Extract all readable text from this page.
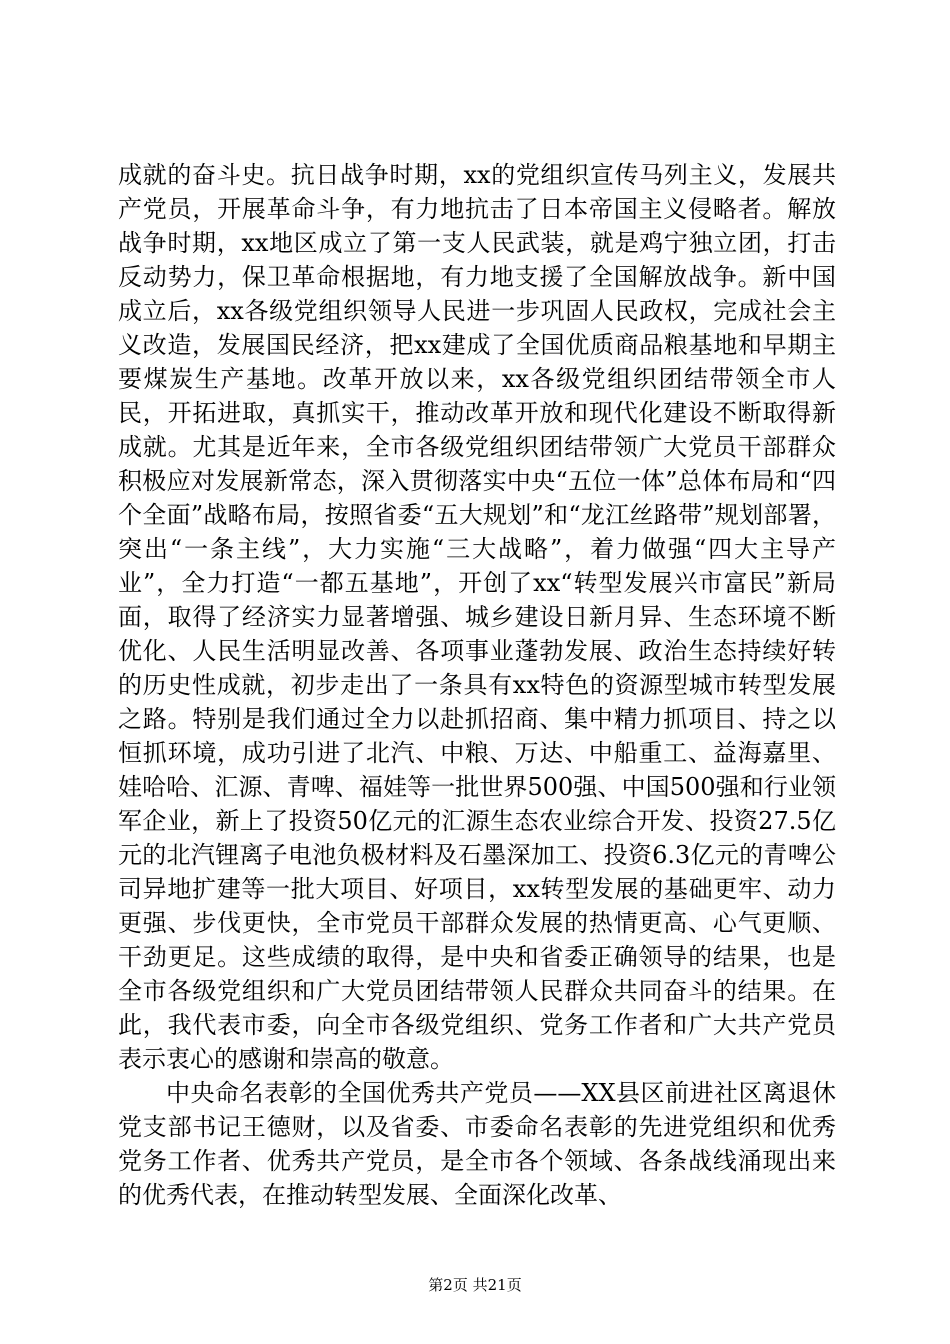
成就的奋斗史。抗日战争时期，xx的党组织宣传马列主义，发展共产党员，开展革命斗争，有力地抗击了日本帝国主义侵略者。解放战争时期，xx地区成立了第一支人民武装，就是鸡宁独立团，打击反动势力，保卫革命根据地，有力地支援了全国解放战争。新中国成立后，xx各级党组织领导人民进一步巩固人民政权，完成社会主义改造，发展国民经济，把xx建成了全国优质商品粮基地和早期主要煤炭生产基地。改革开放以来，xx各级党组织团结带领全市人民，开拓进取，真抓实干，推动改革开放和现代化建设不断取得新成就。尤其是近年来，全市各级党组织团结带领广大党员干部群众积极应对发展新常态，深入贯彻落实中央“五位一体”总体布局和“四个全面”战略布局，按照省委“五大规划”和“龙江丝路带”规划部署，突出“一条主线”，大力实施“三大战略”，着力做强“四大主导产业”，全力打造“一都五基地”，开创了xx“转型发展兴市富民”新局面，取得了经济实力显著增强、城乡建设日新月异、生态环境不断优化、人民生活明显改善、各项事业蓬勃发展、政治生态持续好转的历史性成就，初步走出了一条具有xx特色的资源型城市转型发展之路。特别是我们通过全力以赴抓招商、集中精力抓项目、持之以恒抓环境，成功引进了北汽、中粮、万达、中船重工、益海嘉里、娃哈哈、汇源、青啤、福娃等一批世界500强、中国500强和行业领军企业，新上了投资50亿元的汇源生态农业综合开发、投资27.5亿元的北汽锂离子电池负极材料及石墨深加工、投资6.3亿元的青啤公司异地扩建等一批大项目、好项目，xx转型发展的基础更牢、动力更强、步伐更快，全市党员干部群众发展的热情更高、心气更顺、干劲更足。这些成绩的取得，是中央和省委正确领导的结果，也是全市各级党组织和广大党员团结带领人民群众共同奋斗的结果。在此，我代表市委，向全市各级党组织、党务工作者和广大共产党员表示衷心的感谢和崇高的敬意。

中央命名表彰的全国优秀共产党员——XX县区前进社区离退休党支部书记王德财，以及省委、市委命名表彰的先进党组织和优秀党务工作者、优秀共产党员，是全市各个领域、各条战线涌现出来的优秀代表，在推动转型发展、全面深化改革、

第2页 共21页
